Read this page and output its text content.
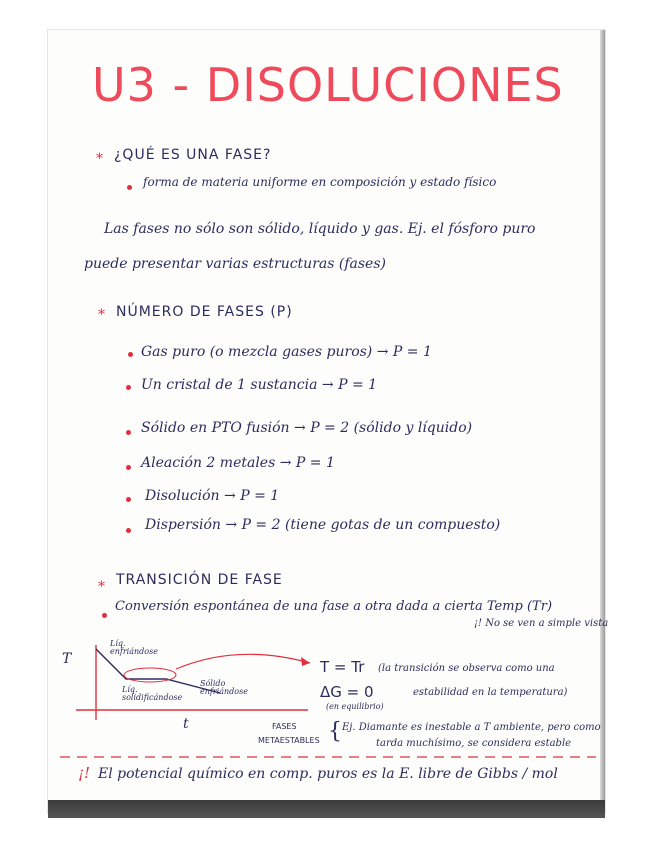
U3 - DISOLUCIONES
* ¿QUÉ ES UNA FASE?
forma de materia uniforme en composición y estado físico
Las fases no sólo son sólido, líquido y gas. Ej. el fósforo puro
puede presentar varias estructuras (fases)
* NÚMERO DE FASES (P)
Gas puro (o mezcla gases puros) → P = 1
Un cristal de 1 sustancia → P = 1
Sólido en PTO fusión → P = 2 (sólido y líquido)
Aleación 2 metales → P = 1
Disolución → P = 1
Dispersión → P = 2 (tiene gotas de un compuesto)
* TRANSICIÓN DE FASE
Conversión espontánea de una fase a otra dada a cierta Temp (Tr)
¡! No se ven a simple vista
T
t
Líq. enfriándose
Líq. solidificándose
Sólido enfriándose
T = Tr (la transición se observa como una
ΔG = 0	estabilidad en la temperatura)
(en equilibrio)
FASES
METAESTABLES { Ej. Diamante es inestable a T ambiente, pero como
tarda muchísimo, se considera estable
¡! El potencial químico en comp. puros es la E. libre de Gibbs / mol
